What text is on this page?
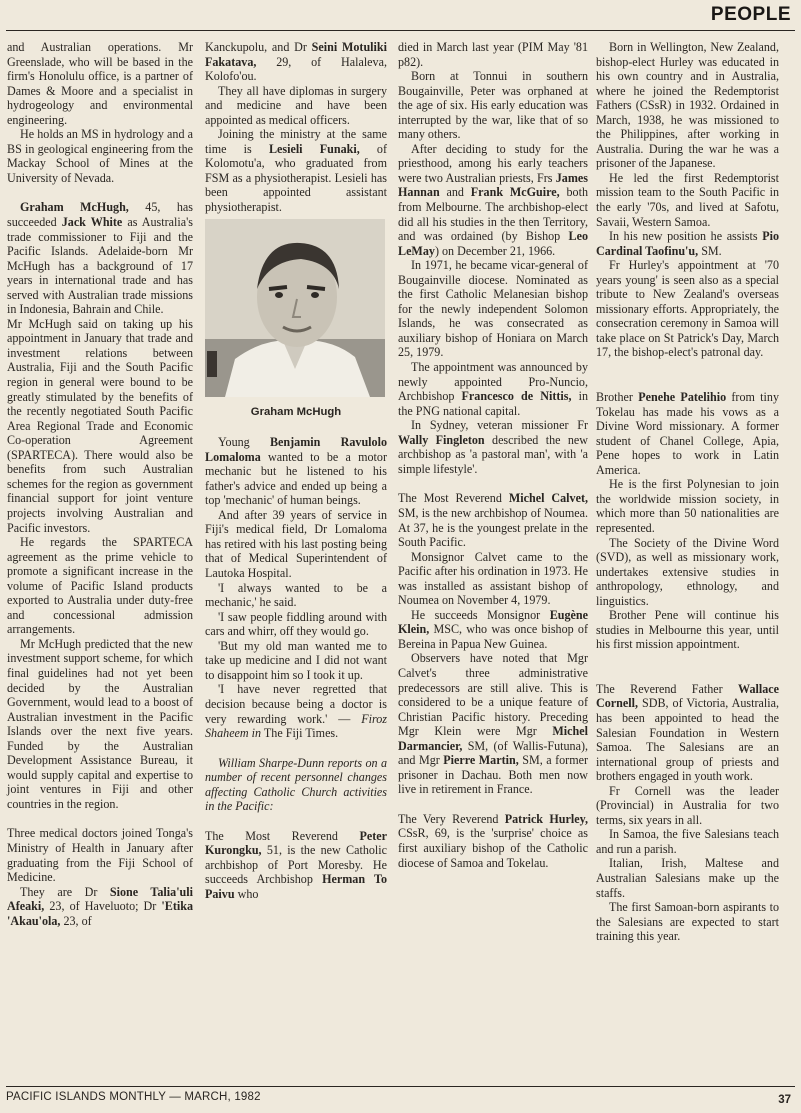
PEOPLE

and Australian operations. Mr Greenslade, who will be based in the firm's Honolulu office, is a partner of Dames & Moore and a specialist in hydrogeology and environmental engineering.

He holds an MS in hydrology and a BS in geological engineering from the Mackay School of Mines at the University of Nevada.

Graham McHugh, 45, has succeeded Jack White as Australia's trade commissioner to Fiji and the Pacific Islands. Adelaide-born Mr McHugh has a background of 17 years in international trade and has served with Australian trade missions in Indonesia, Bahrain and Chile.

Mr McHugh said on taking up his appointment in January that trade and investment relations between Australia, Fiji and the South Pacific region in general were bound to be greatly stimulated by the benefits of the recently negotiated South Pacific Area Regional Trade and Economic Co-operation Agreement (SPARTECA). There would also be benefits from such Australian schemes for the region as government financial support for joint venture projects involving Australian and Pacific investors.

He regards the SPARTECA agreement as the prime vehicle to promote a significant increase in the volume of Pacific Island products exported to Australia under duty-free and concessional admission arrangements.

Mr McHugh predicted that the new investment support scheme, for which final guidelines had not yet been decided by the Australian Government, would lead to a boost of Australian investment in the Pacific Islands over the next five years. Funded by the Australian Development Assistance Bureau, it would supply capital and expertise to joint ventures in Fiji and other countries in the region.

Three medical doctors joined Tonga's Ministry of Health in January after graduating from the Fiji School of Medicine.

They are Dr Sione Talia'uli Afeaki, 23, of Haveluoto; Dr 'Etika 'Akau'ola, 23, of

Kanckupolu, and Dr Seini Motuliki Fakatava, 29, of Halaleva, Kolofo'ou.

They all have diplomas in surgery and medicine and have been appointed as medical officers.

Joining the ministry at the same time is Lesieli Funaki, of Kolomotu'a, who graduated from FSM as a physiotherapist. Lesieli has been appointed assistant physiotherapist.

Graham McHugh

Young Benjamin Ravulolo Lomaloma wanted to be a motor mechanic but he listened to his father's advice and ended up being a top 'mechanic' of human beings.

And after 39 years of service in Fiji's medical field, Dr Lomaloma has retired with his last posting being that of Medical Superintendent of Lautoka Hospital.

'I always wanted to be a mechanic,' he said.

'I saw people fiddling around with cars and whirr, off they would go.

'But my old man wanted me to take up medicine and I did not want to disappoint him so I took it up.

'I have never regretted that decision because being a doctor is very rewarding work.' — Firoz Shaheem in The Fiji Times.

William Sharpe-Dunn reports on a number of recent personnel changes affecting Catholic Church activities in the Pacific:

The Most Reverend Peter Kurongku, 51, is the new Catholic archbishop of Port Moresby. He succeeds Archbishop Herman To Paivu who

died in March last year (PIM May '81 p82).

Born at Tonnui in southern Bougainville, Peter was orphaned at the age of six. His early education was interrupted by the war, like that of so many others.

After deciding to study for the priesthood, among his early teachers were two Australian priests, Frs James Hannan and Frank McGuire, both from Melbourne. The archbishop-elect did all his studies in the then Territory, and was ordained (by Bishop Leo LeMay) on December 21, 1966.

In 1971, he became vicar-general of Bougainville diocese. Nominated as the first Catholic Melanesian bishop for the newly independent Solomon Islands, he was consecrated as auxiliary bishop of Honiara on March 25, 1979.

The appointment was announced by newly appointed Pro-Nuncio, Archbishop Francesco de Nittis, in the PNG national capital.

In Sydney, veteran missioner Fr Wally Fingleton described the new archbishop as 'a pastoral man', with 'a simple lifestyle'.

The Most Reverend Michel Calvet, SM, is the new archbishop of Noumea. At 37, he is the youngest prelate in the South Pacific.

Monsignor Calvet came to the Pacific after his ordination in 1973. He was installed as assistant bishop of Noumea on November 4, 1979.

He succeeds Monsignor Eugène Klein, MSC, who was once bishop of Bereina in Papua New Guinea.

Observers have noted that Mgr Calvet's three administrative predecessors are still alive. This is considered to be a unique feature of Christian Pacific history. Preceding Mgr Klein were Mgr Michel Darmancier, SM, (of Wallis-Futuna), and Mgr Pierre Martin, SM, a former prisoner in Dachau. Both men now live in retirement in France.

The Very Reverend Patrick Hurley, CSsR, 69, is the 'surprise' choice as first auxiliary bishop of the Catholic diocese of Samoa and Tokelau.

Born in Wellington, New Zealand, bishop-elect Hurley was educated in his own country and in Australia, where he joined the Redemptorist Fathers (CSsR) in 1932. Ordained in March, 1938, he was missioned to the Philippines, after working in Australia. During the war he was a prisoner of the Japanese.

He led the first Redemptorist mission team to the South Pacific in the early '70s, and lived at Safotu, Savaii, Western Samoa.

In his new position he assists Pio Cardinal Taofinu'u, SM.

Fr Hurley's appointment at '70 years young' is seen also as a special tribute to New Zealand's overseas missionary efforts. Appropriately, the consecration ceremony in Samoa will take place on St Patrick's Day, March 17, the bishop-elect's patronal day.

Brother Penehe Patelihio from tiny Tokelau has made his vows as a Divine Word missionary. A former student of Chanel College, Apia, Pene hopes to work in Latin America.

He is the first Polynesian to join the worldwide mission society, in which more than 50 nationalities are represented.

The Society of the Divine Word (SVD), as well as missionary work, undertakes extensive studies in anthropology, ethnology, and linguistics.

Brother Pene will continue his studies in Melbourne this year, until his first mission appointment.

The Reverend Father Wallace Cornell, SDB, of Victoria, Australia, has been appointed to head the Salesian Foundation in Western Samoa. The Salesians are an international group of priests and brothers engaged in youth work.

Fr Cornell was the leader (Provincial) in Australia for two terms, six years in all.

In Samoa, the five Salesians teach and run a parish.

Italian, Irish, Maltese and Australian Salesians make up the staffs.

The first Samoan-born aspirants to the Salesians are expected to start training this year.

PACIFIC ISLANDS MONTHLY — MARCH, 1982	37
